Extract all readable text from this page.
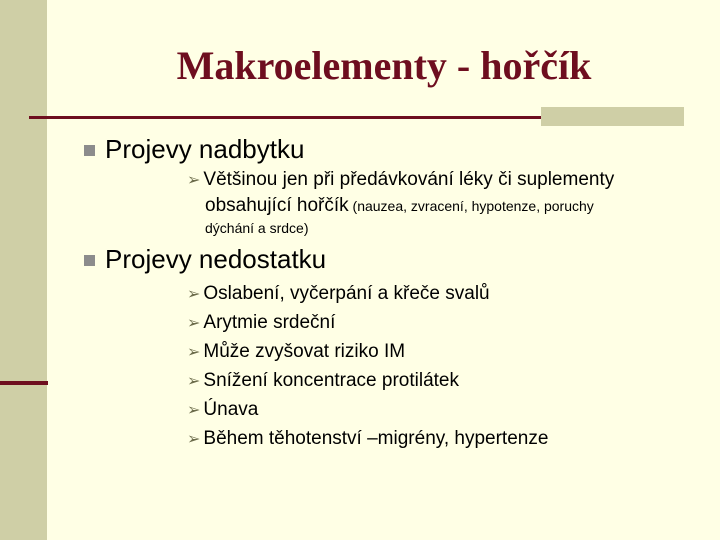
Makroelementy - hořčík
Projevy nadbytku
➢ Většinou jen při předávkování léky či suplementy
obsahující hořčík (nauzea, zvracení, hypotenze, poruchy
dýchání a srdce)
Projevy nedostatku
➢ Oslabení, vyčerpání a křeče svalů
➢ Arytmie srdeční
➢ Může zvyšovat riziko IM
➢ Snížení koncentrace protilátek
➢ Únava
➢ Během těhotenství –migrény, hypertenze
